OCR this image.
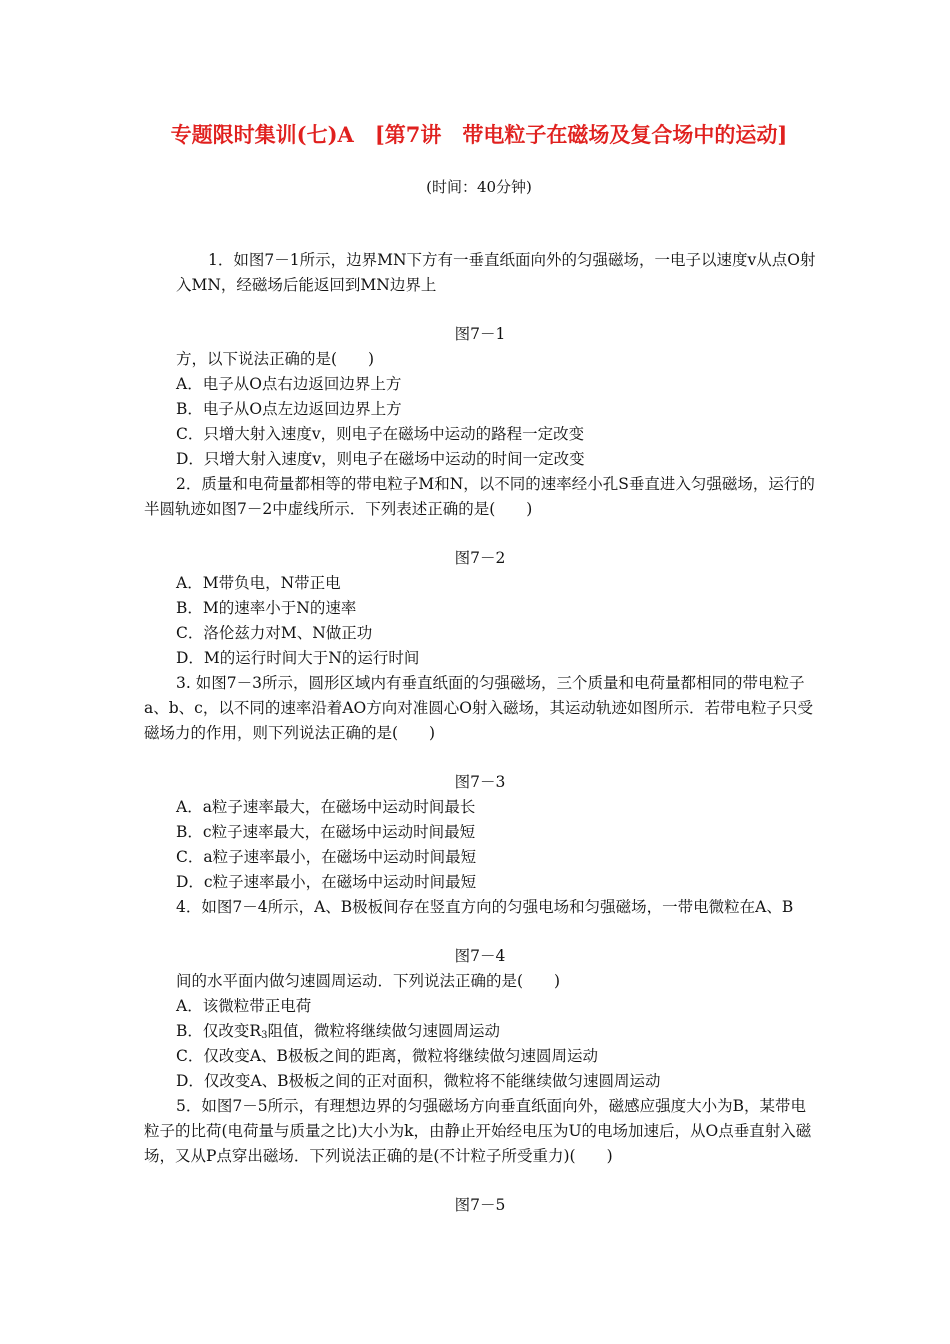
专题限时集训(七)A　[第7讲　带电粒子在磁场及复合场中的运动]
(时间：40分钟)

1．如图7－1所示，边界MN下方有一垂直纸面向外的匀强磁场，一电子以速度v从点O射入MN，经磁场后能返回到MN边界上

图7－1

方，以下说法正确的是(　　)

A．电子从O点右边返回边界上方

B．电子从O点左边返回边界上方

C．只增大射入速度v，则电子在磁场中运动的路程一定改变

D．只增大射入速度v，则电子在磁场中运动的时间一定改变

2．质量和电荷量都相等的带电粒子M和N，以不同的速率经小孔S垂直进入匀强磁场，运行的半圆轨迹如图7－2中虚线所示．下列表述正确的是(　　)

图7－2

A．M带负电，N带正电

B．M的速率小于N的速率

C．洛伦兹力对M、N做正功

D．M的运行时间大于N的运行时间

3. 如图7－3所示，圆形区域内有垂直纸面的匀强磁场，三个质量和电荷量都相同的带电粒子a、b、c，以不同的速率沿着AO方向对准圆心O射入磁场，其运动轨迹如图所示．若带电粒子只受磁场力的作用，则下列说法正确的是(　　)

图7－3

A．a粒子速率最大，在磁场中运动时间最长

B．c粒子速率最大，在磁场中运动时间最短

C．a粒子速率最小，在磁场中运动时间最短

D．c粒子速率最小，在磁场中运动时间最短

4．如图7－4所示，A、B极板间存在竖直方向的匀强电场和匀强磁场，一带电微粒在A、B

图7－4

间的水平面内做匀速圆周运动．下列说法正确的是(　　)

A．该微粒带正电荷

B．仅改变$R_3$阻值，微粒将继续做匀速圆周运动

C．仅改变A、B极板之间的距离，微粒将继续做匀速圆周运动

D．仅改变A、B极板之间的正对面积，微粒将不能继续做匀速圆周运动

5．如图7－5所示，有理想边界的匀强磁场方向垂直纸面向外，磁感应强度大小为B，某带电粒子的比荷(电荷量与质量之比)大小为k，由静止开始经电压为U的电场加速后，从O点垂直射入磁场，又从P点穿出磁场．下列说法正确的是(不计粒子所受重力)(　　)

图7－5
